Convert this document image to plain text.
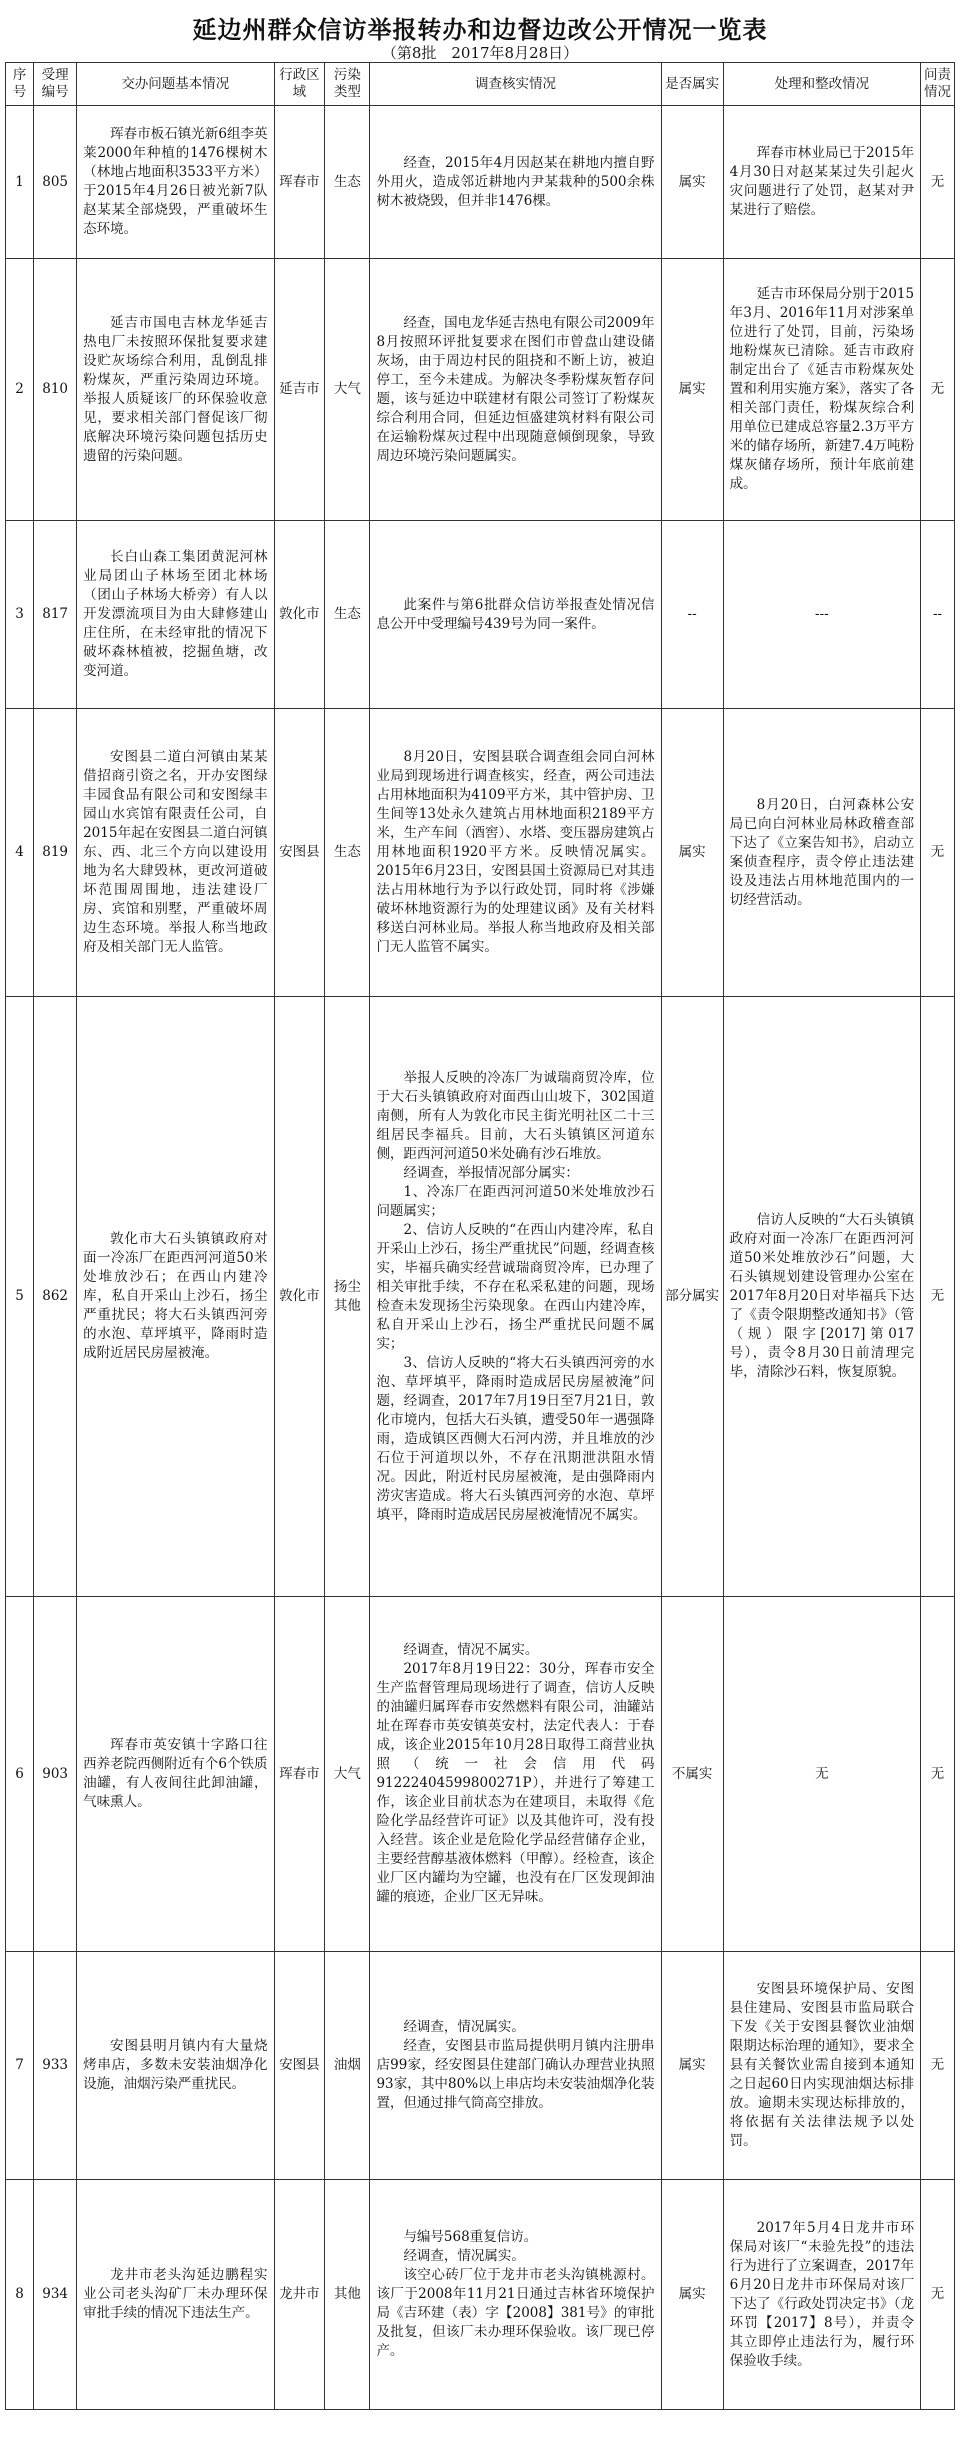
延边州群众信访举报转办和边督边改公开情况一览表
（第8批　2017年8月28日）
序号	受理编号	交办问题基本情况	行政区域	污染类型	调查核实情况	是否属实	处理和整改情况	问责情况
1	805	珲春市板石镇光新6组李英莱2000年种植的1476棵树木（林地占地面积3533平方米）于2015年4月26日被光新7队赵某某全部烧毁，严重破坏生态环境。	珲春市	生态	经查，2015年4月因赵某在耕地内擅自野外用火，造成邻近耕地内尹某栽种的500余株树木被烧毁，但并非1476棵。	属实	珲春市林业局已于2015年4月30日对赵某某过失引起火灾问题进行了处罚，赵某对尹某进行了赔偿。	无
2	810	延吉市国电吉林龙华延吉热电厂未按照环保批复要求建设贮灰场综合利用，乱倒乱排粉煤灰，严重污染周边环境。举报人质疑该厂的环保验收意见，要求相关部门督促该厂彻底解决环境污染问题包括历史遗留的污染问题。	延吉市	大气	经查，国电龙华延吉热电有限公司2009年8月按照环评批复要求在图们市曾盘山建设储灰场，由于周边村民的阻挠和不断上访，被迫停工，至今未建成。为解决冬季粉煤灰暂存问题，该与延边中联建材有限公司签订了粉煤灰综合利用合同，但延边恒盛建筑材料有限公司在运输粉煤灰过程中出现随意倾倒现象，导致周边环境污染问题属实。	属实	延吉市环保局分别于2015年3月、2016年11月对涉案单位进行了处罚，目前，污染场地粉煤灰已清除。延吉市政府制定出台了《延吉市粉煤灰处置和利用实施方案》，落实了各相关部门责任，粉煤灰综合利用单位已建成总容量2.3万平方米的储存场所，新建7.4万吨粉煤灰储存场所，预计年底前建成。	无
3	817	长白山森工集团黄泥河林业局团山子林场至团北林场（团山子林场大桥旁）有人以开发漂流项目为由大肆修建山庄住所，在未经审批的情况下破坏森林植被，挖掘鱼塘，改变河道。	敦化市	生态	此案件与第6批群众信访举报查处情况信息公开中受理编号439号为同一案件。	--	---	--
4	819	安图县二道白河镇由某某借招商引资之名，开办安图绿丰园食品有限公司和安图绿丰园山水宾馆有限责任公司，自2015年起在安图县二道白河镇东、西、北三个方向以建设用地为名大肆毁林，更改河道破坏范围周围地，违法建设厂房、宾馆和别墅，严重破坏周边生态环境。举报人称当地政府及相关部门无人监管。	安图县	生态	8月20日，安图县联合调查组会同白河林业局到现场进行调查核实，经查，两公司违法占用林地面积为4109平方米，其中管护房、卫生间等13处永久建筑占用林地面积2189平方米，生产车间（酒窖）、水塔、变压器房建筑占用林地面积1920平方米。反映情况属实。2015年6月23日，安图县国土资源局已对其违法占用林地行为予以行政处罚，同时将《涉嫌破坏林地资源行为的处理建议函》及有关材料移送白河林业局。举报人称当地政府及相关部门无人监管不属实。	属实	8月20日，白河森林公安局已向白河林业局林政稽查部下达了《立案告知书》，启动立案侦查程序，责令停止违法建设及违法占用林地范围内的一切经营活动。	无
5	862	敦化市大石头镇镇政府对面一冷冻厂在距西河河道50米处堆放沙石；在西山内建冷库，私自开采山上沙石，扬尘严重扰民；将大石头镇西河旁的水泡、草坪填平，降雨时造成附近居民房屋被淹。	敦化市	扬尘其他	举报人反映的冷冻厂为诚瑞商贸冷库，位于大石头镇镇政府对面西山山坡下，302国道南侧，所有人为敦化市民主街光明社区二十三组居民李福兵。目前，大石头镇镇区河道东侧，距西河河道50米处确有沙石堆放。

经调查，举报情况部分属实：

1、冷冻厂在距西河河道50米处堆放沙石问题属实；

2、信访人反映的“在西山内建冷库，私自开采山上沙石，扬尘严重扰民”问题，经调查核实，毕福兵确实经营诚瑞商贸冷库，已办理了相关审批手续，不存在私采私建的问题，现场检查未发现扬尘污染现象。在西山内建冷库，私自开采山上沙石，扬尘严重扰民问题不属实；

3、信访人反映的“将大石头镇西河旁的水泡、草坪填平，降雨时造成居民房屋被淹”问题，经调查，2017年7月19日至7月21日，敦化市境内，包括大石头镇，遭受50年一遇强降雨，造成镇区西侧大石河内涝，并且堆放的沙石位于河道坝以外，不存在汛期泄洪阻水情况。因此，附近村民房屋被淹，是由强降雨内涝灾害造成。将大石头镇西河旁的水泡、草坪填平，降雨时造成居民房屋被淹情况不属实。	部分属实	信访人反映的“大石头镇镇政府对面一冷冻厂在距西河河道50米处堆放沙石”问题，大石头镇规划建设管理办公室在2017年8月20日对毕福兵下达了《责令限期整改通知书》（管（规）限字[2017]第017号），责令8月30日前清理完毕，清除沙石料，恢复原貌。	无
6	903	珲春市英安镇十字路口往西养老院西侧附近有个6个铁质油罐，有人夜间往此卸油罐，气味熏人。	珲春市	大气	经调查，情况不属实。

2017年8月19日22：30分，珲春市安全生产监督管理局现场进行了调查，信访人反映的油罐归属珲春市安然燃料有限公司，油罐站址在珲春市英安镇英安村，法定代表人：于春成，该企业2015年10月28日取得工商营业执照（统一社会信用代码91222404599800271P），并进行了筹建工作，该企业目前状态为在建项目，未取得《危险化学品经营许可证》以及其他许可，没有投入经营。该企业是危险化学品经营储存企业，主要经营醇基液体燃料（甲醇）。经检查，该企业厂区内罐均为空罐，也没有在厂区发现卸油罐的痕迹，企业厂区无异味。	不属实	无	无
7	933	安图县明月镇内有大量烧烤串店，多数未安装油烟净化设施，油烟污染严重扰民。	安图县	油烟	经调查，情况属实。

经查，安图县市监局提供明月镇内注册串店99家，经安图县住建部门确认办理营业执照93家，其中80%以上串店均未安装油烟净化装置，但通过排气筒高空排放。	属实	安图县环境保护局、安图县住建局、安图县市监局联合下发《关于安图县餐饮业油烟限期达标治理的通知》，要求全县有关餐饮业需自接到本通知之日起60日内实现油烟达标排放。逾期未实现达标排放的，将依据有关法律法规予以处罚。	无
8	934	龙井市老头沟延边鹏程实业公司老头沟矿厂未办理环保审批手续的情况下违法生产。	龙井市	其他	与编号568重复信访。

经调查，情况属实。

该空心砖厂位于龙井市老头沟镇桃源村。该厂于2008年11月21日通过吉林省环境保护局《吉环建（表）字【2008】381号》的审批及批复，但该厂未办理环保验收。该厂现已停产。	属实	2017年5月4日龙井市环保局对该厂“未验先投”的违法行为进行了立案调查，2017年6月20日龙井市环保局对该厂下达了《行政处罚决定书》（龙环罚【2017】8号），并责令其立即停止违法行为，履行环保验收手续。	无
